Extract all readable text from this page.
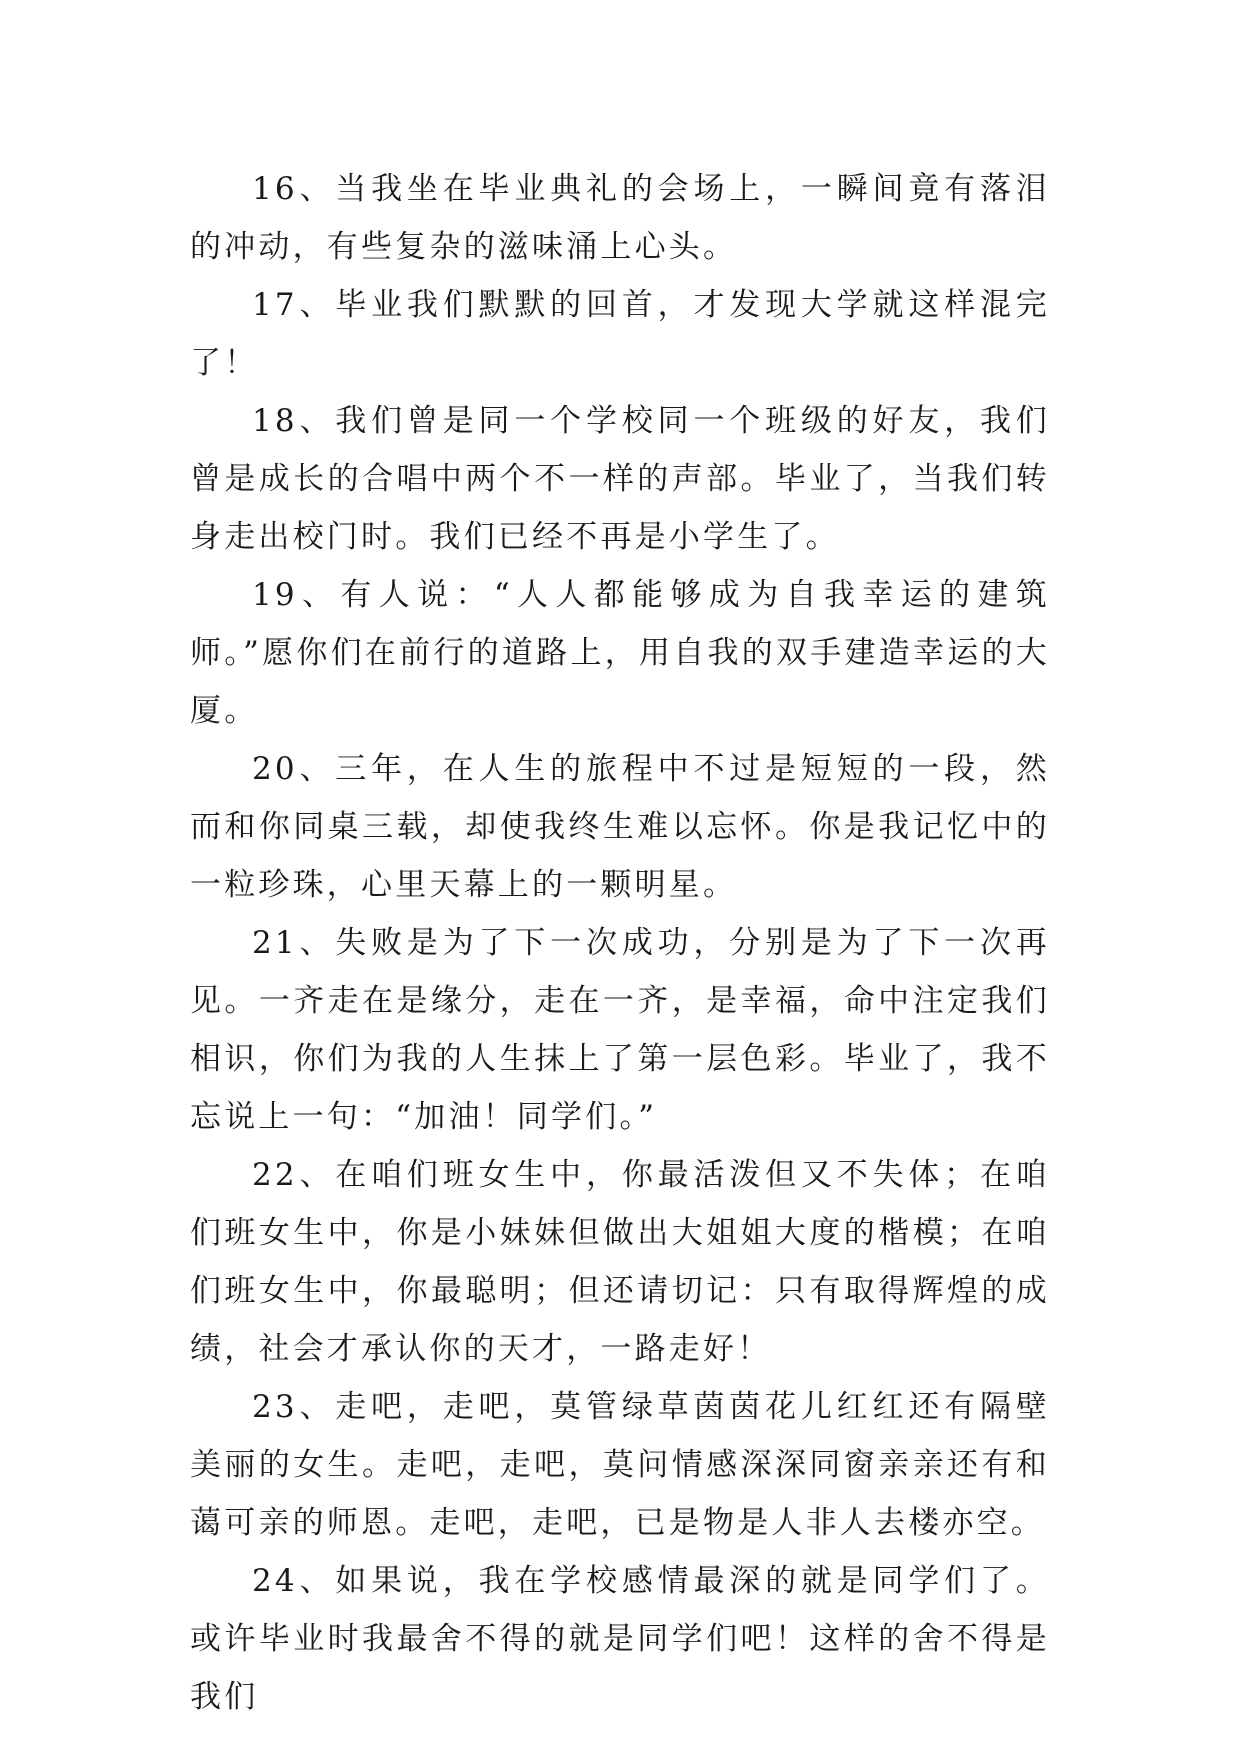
16、当我坐在毕业典礼的会场上，一瞬间竟有落泪的冲动，有些复杂的滋味涌上心头。

17、毕业我们默默的回首，才发现大学就这样混完了！

18、我们曾是同一个学校同一个班级的好友，我们曾是成长的合唱中两个不一样的声部。毕业了，当我们转身走出校门时。我们已经不再是小学生了。

19、有人说：“人人都能够成为自我幸运的建筑师。”愿你们在前行的道路上，用自我的双手建造幸运的大厦。

20、三年，在人生的旅程中不过是短短的一段，然而和你同桌三载，却使我终生难以忘怀。你是我记忆中的一粒珍珠，心里天幕上的一颗明星。

21、失败是为了下一次成功，分别是为了下一次再见。一齐走在是缘分，走在一齐，是幸福，命中注定我们相识，你们为我的人生抹上了第一层色彩。毕业了，我不忘说上一句：“加油！同学们。”

22、在咱们班女生中，你最活泼但又不失体；在咱们班女生中，你是小妹妹但做出大姐姐大度的楷模；在咱们班女生中，你最聪明；但还请切记：只有取得辉煌的成绩，社会才承认你的天才，一路走好！

23、走吧，走吧，莫管绿草茵茵花儿红红还有隔壁美丽的女生。走吧，走吧，莫问情感深深同窗亲亲还有和蔼可亲的师恩。走吧，走吧，已是物是人非人去楼亦空。

24、如果说，我在学校感情最深的就是同学们了。或许毕业时我最舍不得的就是同学们吧！这样的舍不得是我们
